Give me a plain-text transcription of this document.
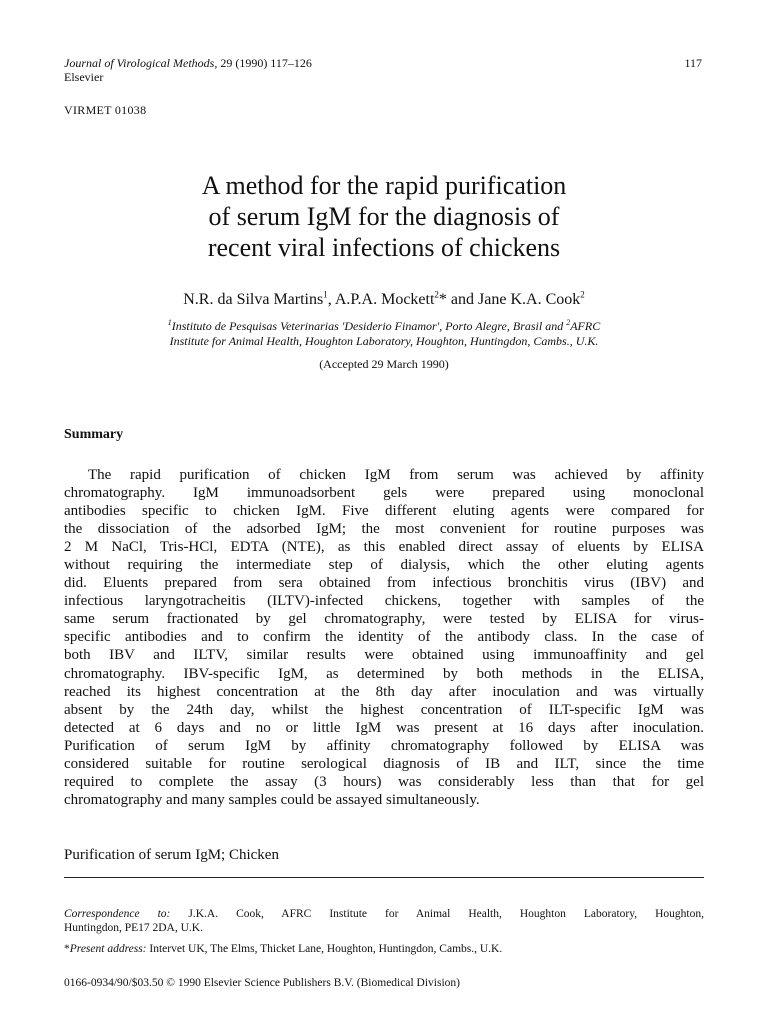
Journal of Virological Methods, 29 (1990) 117–126
Elsevier
117
VIRMET 01038
A method for the rapid purification
of serum IgM for the diagnosis of
recent viral infections of chickens
N.R. da Silva Martins$^1$, A.P.A. Mockett$^2$* and Jane K.A. Cook$^2$
$^1$Instituto de Pesquisas Veterinarias 'Desiderio Finamor', Porto Alegre, Brasil and $^2$AFRC
Institute for Animal Health, Houghton Laboratory, Houghton, Huntingdon, Cambs., U.K.
(Accepted 29 March 1990)
Summary
The rapid purification of chicken IgM from serum was achieved by affinity
chromatography. IgM immunoadsorbent gels were prepared using monoclonal
antibodies specific to chicken IgM. Five different eluting agents were compared for
the dissociation of the adsorbed IgM; the most convenient for routine purposes was
2 M NaCl, Tris-HCl, EDTA (NTE), as this enabled direct assay of eluents by ELISA
without requiring the intermediate step of dialysis, which the other eluting agents
did. Eluents prepared from sera obtained from infectious bronchitis virus (IBV) and
infectious laryngotracheitis (ILTV)-infected chickens, together with samples of the
same serum fractionated by gel chromatography, were tested by ELISA for virus-
specific antibodies and to confirm the identity of the antibody class. In the case of
both IBV and ILTV, similar results were obtained using immunoaffinity and gel
chromatography. IBV-specific IgM, as determined by both methods in the ELISA,
reached its highest concentration at the 8th day after inoculation and was virtually
absent by the 24th day, whilst the highest concentration of ILT-specific IgM was
detected at 6 days and no or little IgM was present at 16 days after inoculation.
Purification of serum IgM by affinity chromatography followed by ELISA was
considered suitable for routine serological diagnosis of IB and ILT, since the time
required to complete the assay (3 hours) was considerably less than that for gel
chromatography and many samples could be assayed simultaneously.
Purification of serum IgM; Chicken
Correspondence to: J.K.A. Cook, AFRC Institute for Animal Health, Houghton Laboratory, Houghton,
Huntingdon, PE17 2DA, U.K.
*Present address: Intervet UK, The Elms, Thicket Lane, Houghton, Huntingdon, Cambs., U.K.
0166-0934/90/$03.50 © 1990 Elsevier Science Publishers B.V. (Biomedical Division)
